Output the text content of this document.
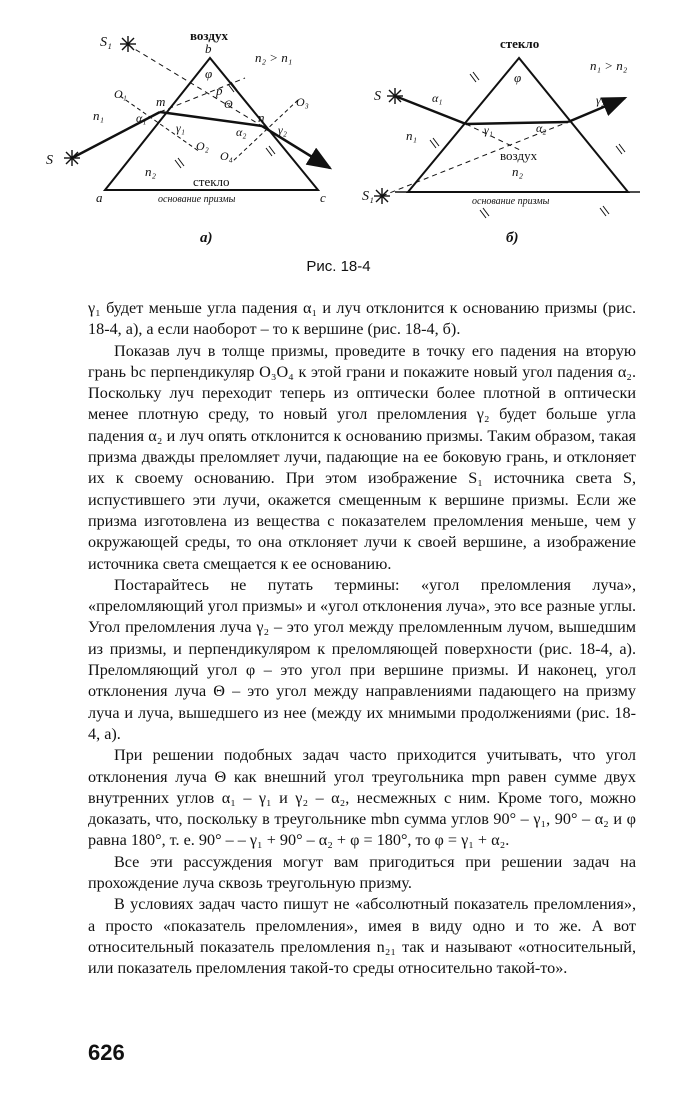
воздух
стекло
основание призмы
n₂ > n₁
b
a	c
m
n
p
S₁
S
O₁
O₂
O₃
O₄
n₁
n₂
α₁
α₂
γ₁	γ₂
φ
Θ
а)
стекло
воздух
основание призмы
n₁ > n₂
S
S₁
n₁
n₂
φ
α₁
α₂
γ₁
γ₂
б)
Рис. 18-4

γ₁ будет меньше угла падения α₁ и луч отклонится к основанию призмы (рис. 18-4, а), а если наоборот – то к вершине (рис. 18-4, б).

Показав луч в толще призмы, проведите в точку его падения на вторую грань bc перпендикуляр O₃O₄ к этой грани и покажите новый угол падения α₂. Поскольку луч переходит теперь из оптически более плотной в оптически менее плотную среду, то новый угол преломления γ₂ будет больше угла падения α₂ и луч опять отклонится к основанию призмы. Таким образом, такая призма дважды преломляет лучи, падающие на ее боковую грань, и отклоняет их к своему основанию. При этом изображение S₁ источника света S, испустившего эти лучи, окажется смещенным к вершине призмы. Если же призма изготовлена из вещества с показателем преломления меньше, чем у окружающей среды, то она отклоняет лучи к своей вершине, а изображение источника света смещается к ее основанию.

Постарайтесь не путать термины: «угол преломления луча», «преломляющий угол призмы» и «угол отклонения луча», это все разные углы. Угол преломления луча γ₂ – это угол между преломленным лучом, вышедшим из призмы, и перпендикуляром к преломляющей поверхности (рис. 18-4, а). Преломляющий угол φ – это угол при вершине призмы. И наконец, угол отклонения луча Θ – это угол между направлениями падающего на призму луча и луча, вышедшего из нее (между их мнимыми продолжениями (рис. 18-4, а).

При решении подобных задач часто приходится учитывать, что угол отклонения луча Θ как внешний угол треугольника mpn равен сумме двух внутренних углов α₁ – γ₁ и γ₂ – α₂, несмежных с ним. Кроме того, можно доказать, что, поскольку в треугольнике mbn сумма углов 90° – γ₁, 90° – α₂ и φ равна 180°, т. е. 90° – – γ₁ + 90° – α₂ + φ = 180°, то φ = γ₁ + α₂.

Все эти рассуждения могут вам пригодиться при решении задач на прохождение луча сквозь треугольную призму.

В условиях задач часто пишут не «абсолютный показатель преломления», а просто «показатель преломления», имея в виду одно и то же. А вот относительный показатель преломления n₂₁ так и называют «относительный, или показатель преломления такой-то среды относительно такой-то».

626
